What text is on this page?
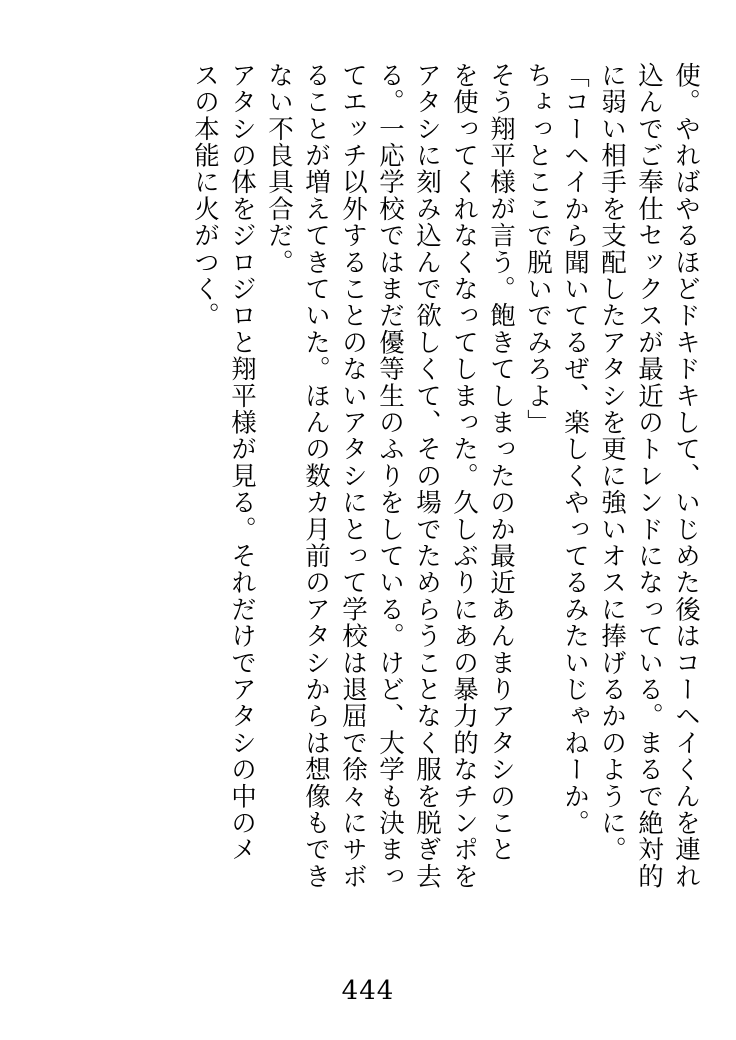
使。やればやるほどドキドキして、いじめた後はコーヘイくんを連れ
込んでご奉仕セックスが最近のトレンドになっている。まるで絶対的
に弱い相手を支配したアタシを更に強いオスに捧げるかのように。
「コーヘイから聞いてるぜ、楽しくやってるみたいじゃねーか。
ちょっとここで脱いでみろよ」
そう翔平様が言う。飽きてしまったのか最近あんまりアタシのこと
を使ってくれなくなってしまった。久しぶりにあの暴力的なチンポを
アタシに刻み込んで欲しくて、その場でためらうことなく服を脱ぎ去
る。一応学校ではまだ優等生のふりをしている。けど、大学も決まっ
てエッチ以外することのないアタシにとって学校は退屈で徐々にサボ
ることが増えてきていた。ほんの数カ月前のアタシからは想像もでき
ない不良具合だ。
アタシの体をジロジロと翔平様が見る。それだけでアタシの中のメ
スの本能に火がつく。
444
